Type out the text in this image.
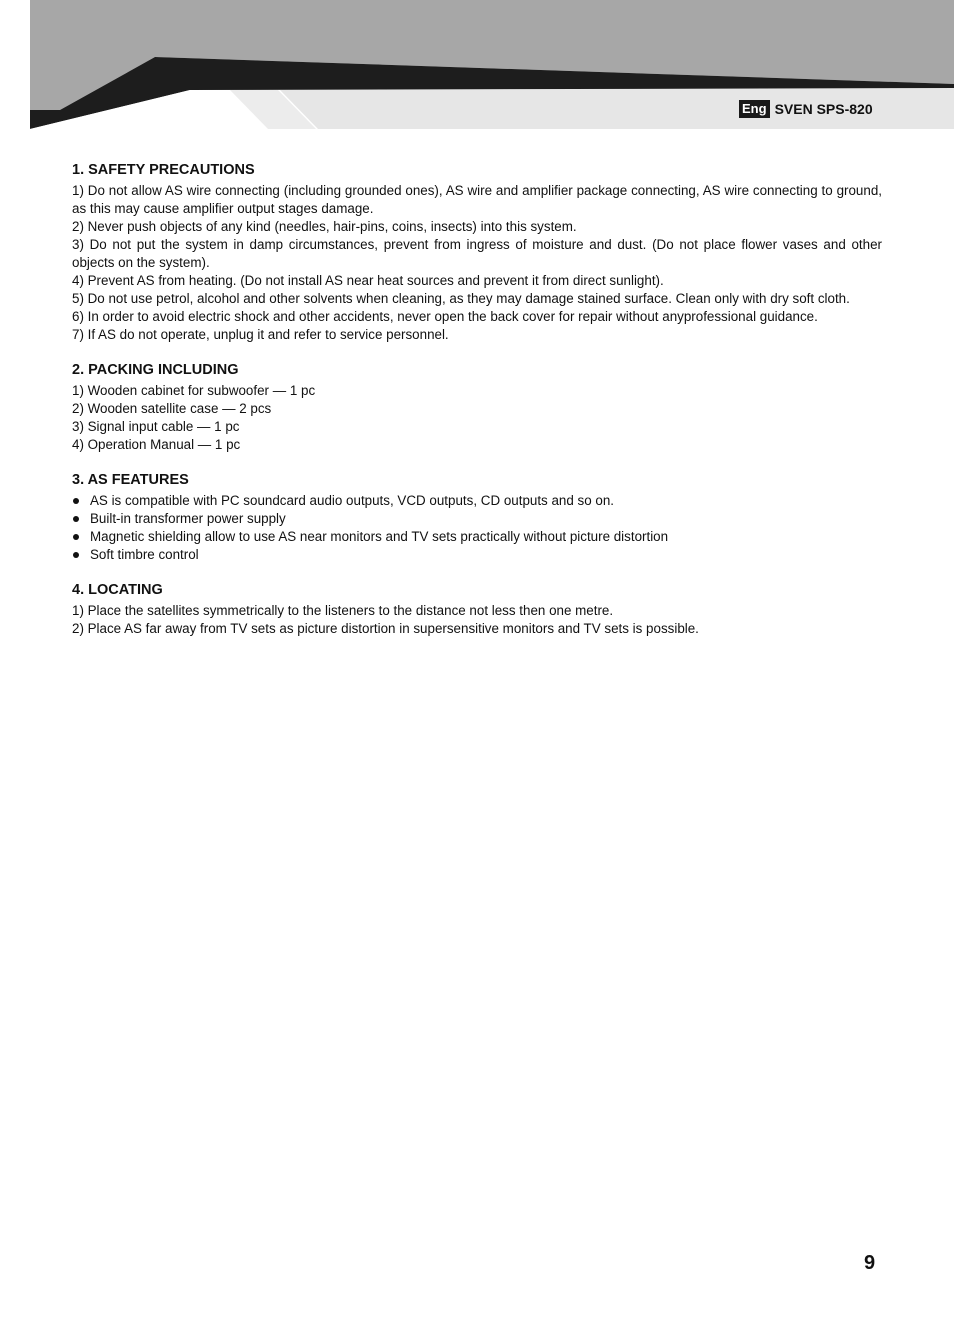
Eng SVEN SPS-820
1. SAFETY PRECAUTIONS

1) Do not allow AS wire connecting (including grounded ones), AS wire and amplifier package connecting, AS wire connecting to ground, as this may cause amplifier output stages damage.

2) Never push objects of any kind (needles, hair-pins, coins, insects) into this system.

3) Do not put the system in damp circumstances, prevent from ingress of moisture and dust. (Do not place flower vases and other objects on the system).

4) Prevent AS from heating. (Do not install AS near heat sources and prevent it from direct sunlight).

5) Do not use petrol, alcohol and other solvents when cleaning, as they may damage stained surface. Clean only with dry soft cloth.

6) In order to avoid electric shock and other accidents, never open the back cover for repair without anyprofessional guidance.

7) If AS do not operate, unplug it and refer to service personnel.

2. PACKING INCLUDING

1) Wooden cabinet for subwoofer — 1 pc

2) Wooden satellite case — 2 pcs

3) Signal input cable — 1 pc

4) Operation Manual — 1 pc

3. AS FEATURES
AS is compatible with PC soundcard audio outputs, VCD outputs, CD outputs and so on.
Built-in transformer power supply
Magnetic shielding allow to use AS near monitors and TV sets practically without picture distortion
Soft timbre control
4. LOCATING

1) Place the satellites symmetrically to the listeners to the distance not less then one metre.

2) Place AS far away from TV sets as picture distortion in supersensitive monitors and TV sets is possible.

9
